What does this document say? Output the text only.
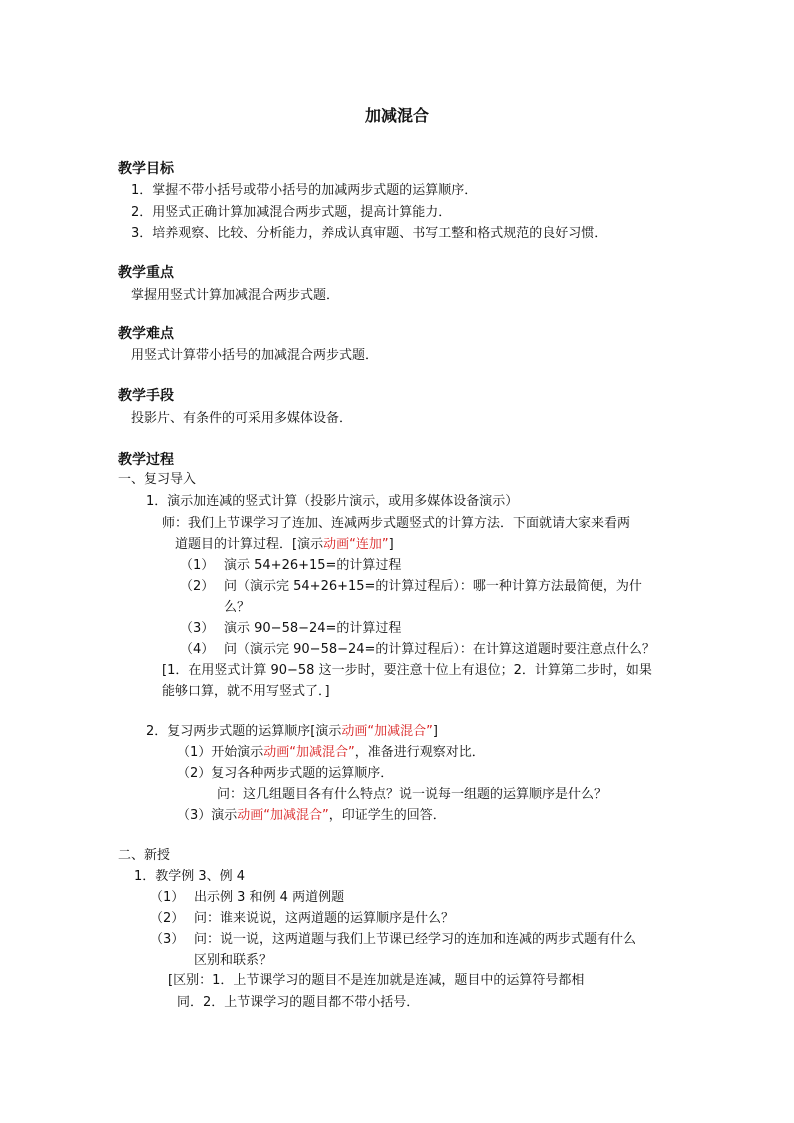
加减混合
教学目标
1．掌握不带小括号或带小括号的加减两步式题的运算顺序．
2．用竖式正确计算加减混合两步式题，提高计算能力．
3．培养观察、比较、分析能力，养成认真审题、书写工整和格式规范的良好习惯．
教学重点
掌握用竖式计算加减混合两步式题．
教学难点
用竖式计算带小括号的加减混合两步式题．
教学手段
投影片、有条件的可采用多媒体设备．
教学过程
一、复习导入
1．演示加连减的竖式计算（投影片演示，或用多媒体设备演示）
师：我们上节课学习了连加、连减两步式题竖式的计算方法．下面就请大家来看两
道题目的计算过程．[演示动画“连加”]
（1） 演示 54+26+15=的计算过程
（2） 问（演示完 54+26+15=的计算过程后）：哪一种计算方法最简便，为什
么？
（3） 演示 90−58−24=的计算过程
（4） 问（演示完 90−58−24=的计算过程后）：在计算这道题时要注意点什么？
[1．在用竖式计算 90−58 这一步时，要注意十位上有退位；2．计算第二步时，如果
能够口算，就不用写竖式了．]
2．复习两步式题的运算顺序[演示动画“加减混合”]
（1）开始演示动画“加减混合”，准备进行观察对比．
（2）复习各种两步式题的运算顺序．
问：这几组题目各有什么特点？说一说每一组题的运算顺序是什么？
（3）演示动画“加减混合”，印证学生的回答．
二、新授
1．教学例 3、例 4
（1） 出示例 3 和例 4 两道例题
（2） 问：谁来说说，这两道题的运算顺序是什么？
（3） 问：说一说，这两道题与我们上节课已经学习的连加和连减的两步式题有什么
区别和联系？
[区别：1．上节课学习的题目不是连加就是连减，题目中的运算符号都相
同．2．上节课学习的题目都不带小括号．
